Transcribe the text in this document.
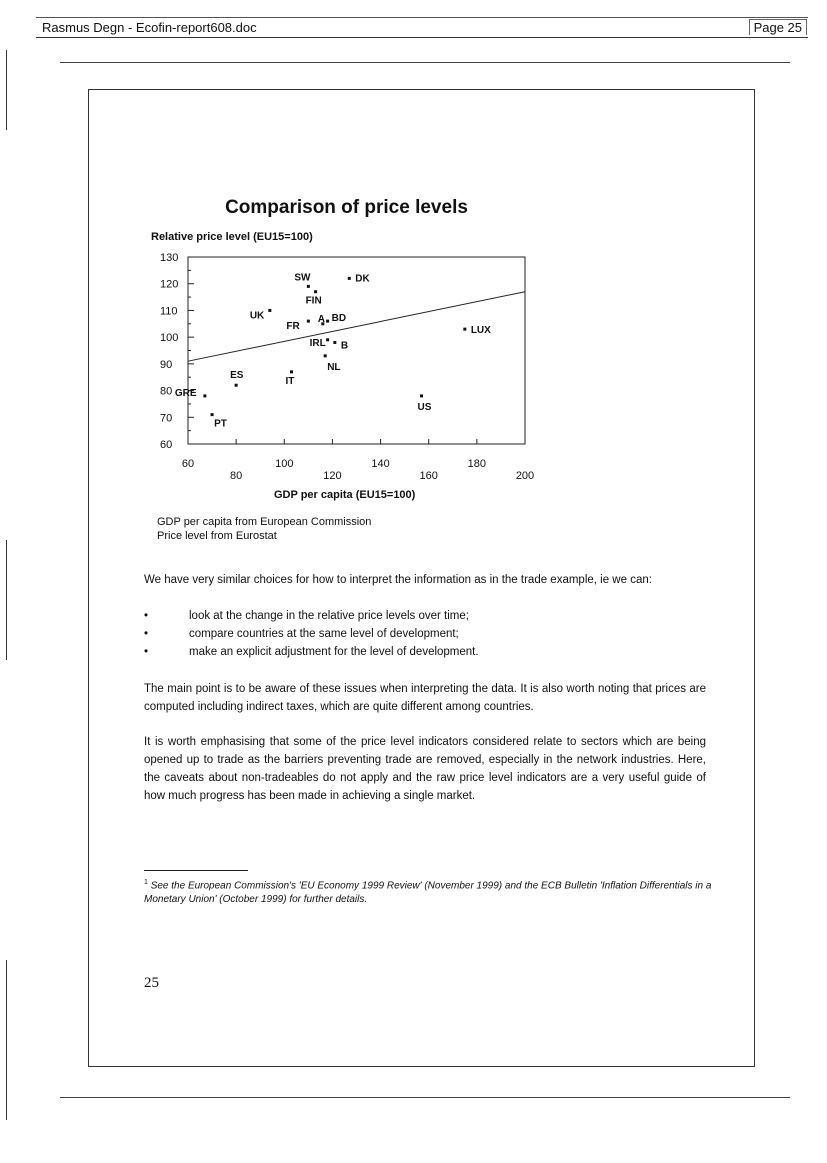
Rasmus Degn - Ecofin-report608.doc	Page 25
Comparison of price levels
Relative price level (EU15=100)
130
120
110
100
90
80
70
60
60
80
100
120
140
160
180
200
SW	DK
FIN
UK	A BD
FR
IRL B
NL
LUX
IT
ES
GRE
US
PT
GDP per capita (EU15=100)
GDP per capita from European Commission
Price level from Eurostat
We have very similar choices for how to interpret the information as in the trade example, ie we can:
•	look at the change in the relative price levels over time;
•	compare countries at the same level of development;
•	make an explicit adjustment for the level of development.
The main point is to be aware of these issues when interpreting the data. It is also worth noting that prices are computed including indirect taxes, which are quite different among countries.
It is worth emphasising that some of the price level indicators considered relate to sectors which are being opened up to trade as the barriers preventing trade are removed, especially in the network industries. Here, the caveats about non-tradeables do not apply and the raw price level indicators are a very useful guide of how much progress has been made in achieving a single market.
$^1$ See the European Commission's 'EU Economy 1999 Review' (November 1999) and the ECB Bulletin 'Inflation Differentials in a Monetary Union' (October 1999) for further details.
25
